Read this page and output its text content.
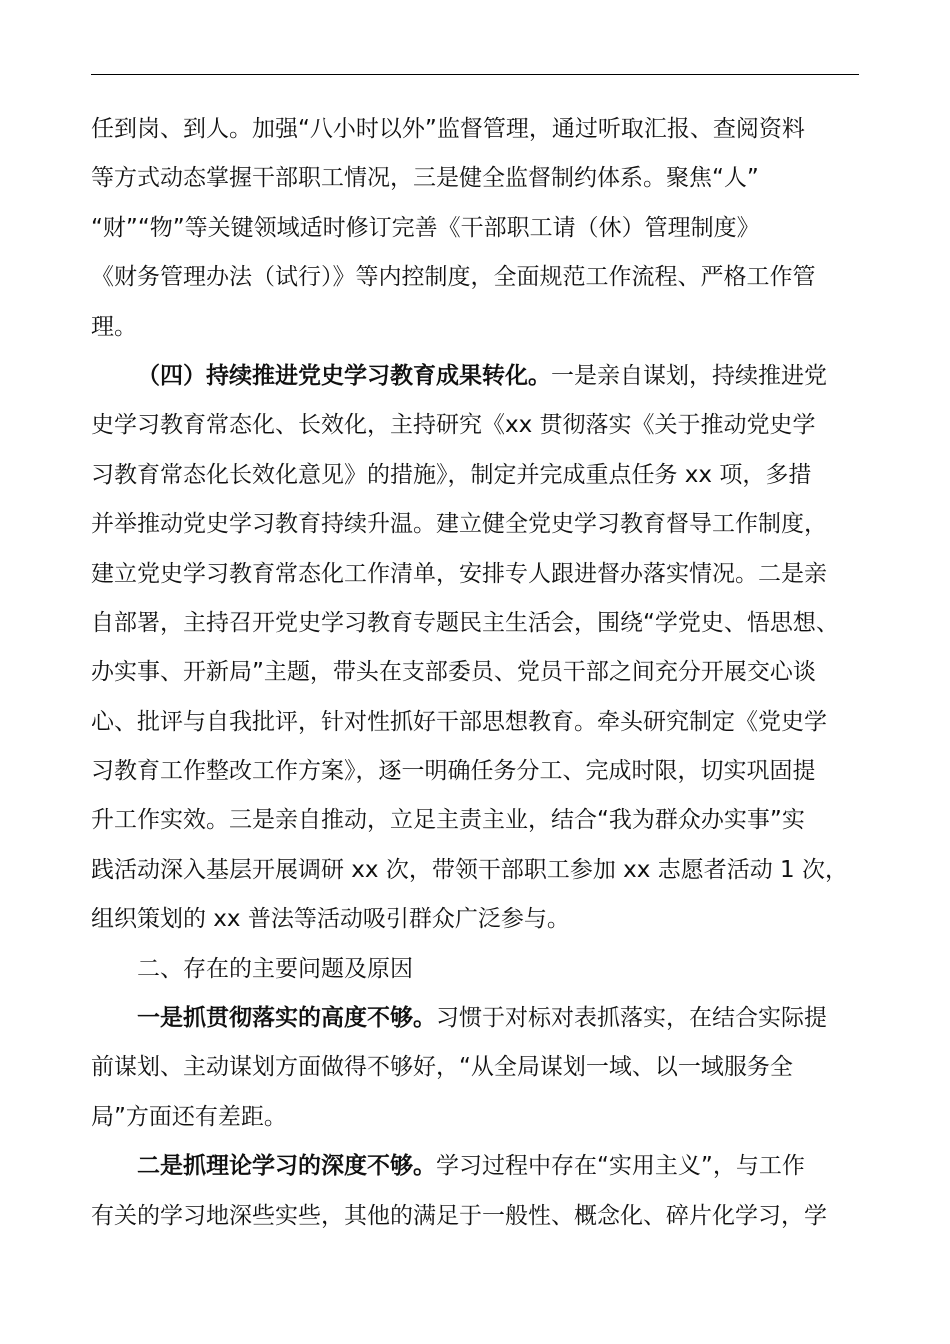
任到岗、到人。加强“八小时以外”监督管理，通过听取汇报、查阅资料
等方式动态掌握干部职工情况，三是健全监督制约体系。聚焦“人”
“财”“物”等关键领域适时修订完善《干部职工请（休）管理制度》
《财务管理办法（试行）》等内控制度，全面规范工作流程、严格工作管
理。
（四）持续推进党史学习教育成果转化。一是亲自谋划，持续推进党
史学习教育常态化、长效化，主持研究《xx 贯彻落实《关于推动党史学
习教育常态化长效化意见》的措施》，制定并完成重点任务 xx 项，多措
并举推动党史学习教育持续升温。建立健全党史学习教育督导工作制度，
建立党史学习教育常态化工作清单，安排专人跟进督办落实情况。二是亲
自部署，主持召开党史学习教育专题民主生活会，围绕“学党史、悟思想、
办实事、开新局”主题，带头在支部委员、党员干部之间充分开展交心谈
心、批评与自我批评，针对性抓好干部思想教育。牵头研究制定《党史学
习教育工作整改工作方案》，逐一明确任务分工、完成时限，切实巩固提
升工作实效。三是亲自推动，立足主责主业，结合“我为群众办实事”实
践活动深入基层开展调研 xx 次，带领干部职工参加 xx 志愿者活动 1 次，
组织策划的 xx 普法等活动吸引群众广泛参与。
二、存在的主要问题及原因
一是抓贯彻落实的高度不够。习惯于对标对表抓落实，在结合实际提
前谋划、主动谋划方面做得不够好，“从全局谋划一域、以一域服务全
局”方面还有差距。
二是抓理论学习的深度不够。学习过程中存在“实用主义”，与工作
有关的学习地深些实些，其他的满足于一般性、概念化、碎片化学习，学
